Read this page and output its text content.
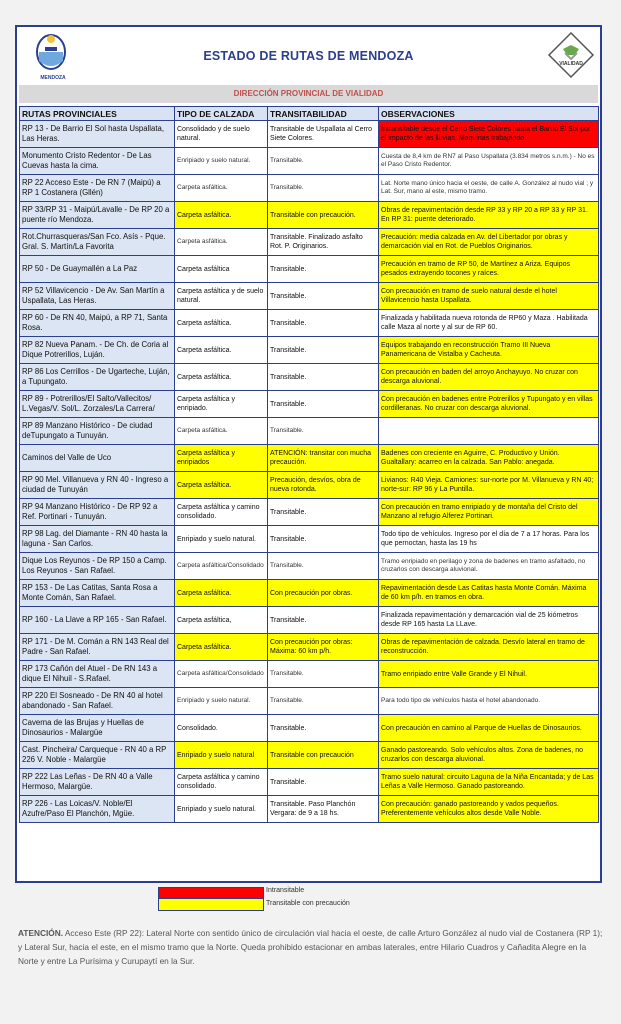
MENDOZA
ESTADO DE RUTAS DE MENDOZA
VIALIDAD
DIRECCIÓN PROVINCIAL DE VIALIDAD
RUTAS PROVINCIALES	TIPO DE CALZADA	TRANSITABILIDAD	OBSERVACIONES
RP 13 - De Barrio El Sol hasta Uspallata, Las Heras.	Consolidado y de suelo natural.	Transitable de Uspallata al Cerro Siete Colores.	Intransitable desde el Cerro Siete Colores hasta el Barrio El Sol por el impacto de las lluvias. Maquinas trabajando.
Monumento Cristo Redentor - De Las Cuevas hasta la cima.	Enripiado y suelo natural.	Transitable.	Cuesta de 8,4 km de RN7 al Paso Uspallata (3.834 metros s.n.m.) - No es el Paso Cristo Redentor.
RP 22 Acceso Este - De RN 7 (Maipú) a RP 1 Costanera (Gllén)	Carpeta asfáltica.	Transitable.	Lat. Norte mano único hacia el oeste, de calle A. González al nudo vial ; y Lat. Sur, mano al este, mismo tramo.
RP 33/RP 31 - Maipú/Lavalle - De RP 20 a puente río Mendoza.	Carpeta asfáltica.	Transitable con precaución.	Obras de repavimentación desde RP 33 y RP 20 a RP 33 y RP 31. En RP 31: puente deteriorado.
Rot.Churrasqueras/San Fco. Asís - Pque. Gral. S. Martín/La Favorita	Carpeta asfáltica.	Transitable. Finalizado asfalto Rot. P. Originarios.	Precaución: media calzada en Av. del Libertador por obras y demarcación vial en Rot. de Pueblos Originarios.
RP 50 - De Guaymallén a La Paz	Carpeta asfáltica	Transitable.	Precaución en tramo de RP 50, de Martínez a Ariza. Equipos pesados extrayendo tocones y raíces.
RP 52 Villavicencio - De Av. San Martín a Uspallata, Las Heras.	Carpeta asfáltica y de suelo natural.	Transitable.	Con precaución en tramo de suelo natural desde el hotel Villavicencio hasta Uspallata.
RP 60 - De RN 40, Maipú, a RP 71, Santa Rosa.	Carpeta asfáltica.	Transitable.	Finalizada y habilitada nueva rotonda de RP60 y Maza . Habilitada calle Maza al norte y al sur de RP 60.
RP 82 Nueva Panam. - De Ch. de Coria al Dique Potrerillos, Luján.	Carpeta asfáltica.	Transitable.	Equipos trabajando en reconstrucción Tramo III Nueva Panamericana de Vistalba y Cacheuta.
RP 86 Los Cerrillos - De Ugarteche, Luján, a Tupungato.	Carpeta asfáltica.	Transitable.	Con precaución en baden del arroyo Anchayuyo. No cruzar con descarga aluvional.
RP 89 - Potrerillos/El Salto/Vallecitos/ L.Vegas/V. Sol/L. Zorzales/La Carrera/	Carpeta asfáltica y enripiado.	Transitable.	Con precaución en badenes entre Potrerillos y Tupungato y en villas cordilleranas. No cruzar con descarga aluvional.
RP 89 Manzano Histórico - De ciudad deTupungato a Tunuyán.	Carpeta asfáltica.	Transitable.	
Caminos del Valle de Uco	Carpeta asfáltica y enripiados	ATENCIÓN: transitar con mucha precaución.	Badenes con creciente en Aguirre, C. Productivo y Unión. Gualtallary: acarreo en la calzada. San Pablo: anegada.
RP 90 Mel. Villanueva y RN 40 - Ingreso a ciudad de Tunuyán	Carpeta asfáltica.	Precaución, desvíos, obra de nueva rotonda.	Livianos: R40 Vieja. Camiones: sur-norte por M. Villanueva y RN 40; norte-sur: RP 96 y La Puntilla.
RP 94 Manzano Histórico - De RP 92 a Ref. Portinari - Tunuyán.	Carpeta asfáltica y camino consolidado.	Transitable.	Con precaución en tramo enripiado y de montaña del Cristo del Manzano al refugio Alferez Portinari.
RP 98 Lag. del Diamante - RN 40 hasta la laguna - San Carlos.	Enripiado y suelo natural.	Transitable.	Todo tipo de vehículos. Ingreso por el día de 7 a 17 horas. Para los que pernoctan, hasta las 19 hs
Dique Los Reyunos - De RP 150 a Camp. Los Reyunos - San Rafael.	Carpeta asfáltica/Consolidado	Transitable.	Tramo enripiado en perilago y zona de badenes en tramo asfaltado, no cruzarlos con descarga aluvional.
RP 153 - De Las Catitas, Santa Rosa a Monte Comán, San Rafael.	Carpeta asfáltica.	Con precaución por obras.	Repavimentación desde Las Catitas hasta Monte Comán. Máxima de 60 km p/h. en tramos en obra.
RP 160 - La Llave a RP 165 - San Rafael.	Carpeta asfáltica,	Transitable.	Finalizada repavimentación y demarcación vial de 25 kiómetros desde RP 165 hasta La LLave.
RP 171 - De M. Comán a RN 143 Real del Padre - San Rafael.	Carpeta asfáltica.	Con precaución por obras: Máxima: 60 km p/h.	Obras de repavimentación de calzada. Desvío lateral en tramo de reconstrucción.
RP 173 Cañón del Atuel - De RN 143 a dique El Nihuil - S.Rafael.	Carpeta asfáltica/Consolidado	Transitable.	Tramo enripiado entre Valle Grande y El Nihuil.
RP 220 El Sosneado - De RN 40 al hotel abandonado - San Rafael.	Enripiado y suelo natural.	Transitable.	Para todo tipo de vehículos hasta el hotel abandonado.
Caverna de las Brujas y Huellas de Dinosaurios - Malargüe	Consolidado.	Transitable.	Con precaución en camino al Parque de Huellas de Dinosaurios.
Cast. Pincheira/ Carqueque - RN 40 a RP 226 V. Noble - Malargüe	Enripiado y suelo natural	Transitable con precaución	Ganado pastoreando. Solo vehículos altos. Zona de badenes, no cruzarlos con descarga aluvional.
RP 222 Las Leñas - De RN 40 a Valle Hermoso, Malargüe.	Carpeta asfáltica y camino consolidado.	Transitable.	Tramo suelo natural: circuito Laguna de la Niña Encantada; y de Las Leñas a Valle Hermoso. Ganado pastoreando.
RP 226 - Las Loicas/V. Noble/El Azufre/Paso El Planchón, Mgüe.	Enripiado y suelo natural.	Transitable. Paso Planchón Vergara: de 9 a 18 hs.	Con precaución: ganado pastoreando y vados pequeños. Preferentemente vehículos altos desde Valle Noble.
Intransitable
Transitable con precaución
ATENCIÓN. Acceso Este (RP 22): Lateral Norte con sentido único de circulación vial hacia el oeste, de calle Arturo González al nudo vial de Costanera (RP 1); y Lateral Sur, hacia el este, en el mismo tramo que la Norte. Queda prohibido estacionar en ambas laterales, entre Hilario Cuadros y Cañadita Alegre en la Norte y entre La Purísima y Curupaytí en la Sur.
